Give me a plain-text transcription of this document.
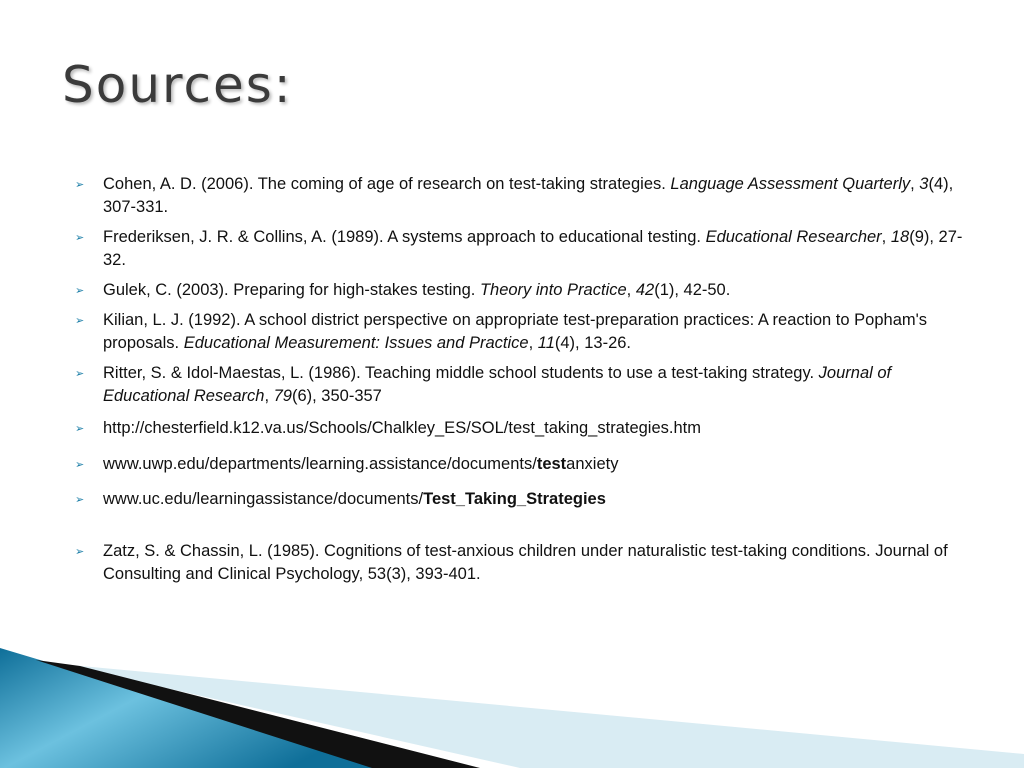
Sources:
➢ Cohen, A. D. (2006). The coming of age of research on test-taking strategies. Language Assessment Quarterly, 3(4), 307-331.
➢ Frederiksen, J. R. & Collins, A. (1989). A systems approach to educational testing. Educational Researcher, 18(9), 27-32.
➢ Gulek, C. (2003). Preparing for high-stakes testing. Theory into Practice, 42(1), 42-50.
➢ Kilian, L. J. (1992). A school district perspective on appropriate test-preparation practices: A reaction to Popham's proposals. Educational Measurement: Issues and Practice, 11(4), 13-26.
➢ Ritter, S. & Idol-Maestas, L. (1986). Teaching middle school students to use a test-taking strategy. Journal of Educational Research, 79(6), 350-357
➢ http://chesterfield.k12.va.us/Schools/Chalkley_ES/SOL/test_taking_strategies.htm
➢ www.uwp.edu/departments/learning.assistance/documents/testanxiety
➢ www.uc.edu/learningassistance/documents/Test_Taking_Strategies
➢ Zatz, S. & Chassin, L. (1985). Cognitions of test-anxious children under naturalistic test-taking conditions. Journal of Consulting and Clinical Psychology, 53(3), 393-401.
